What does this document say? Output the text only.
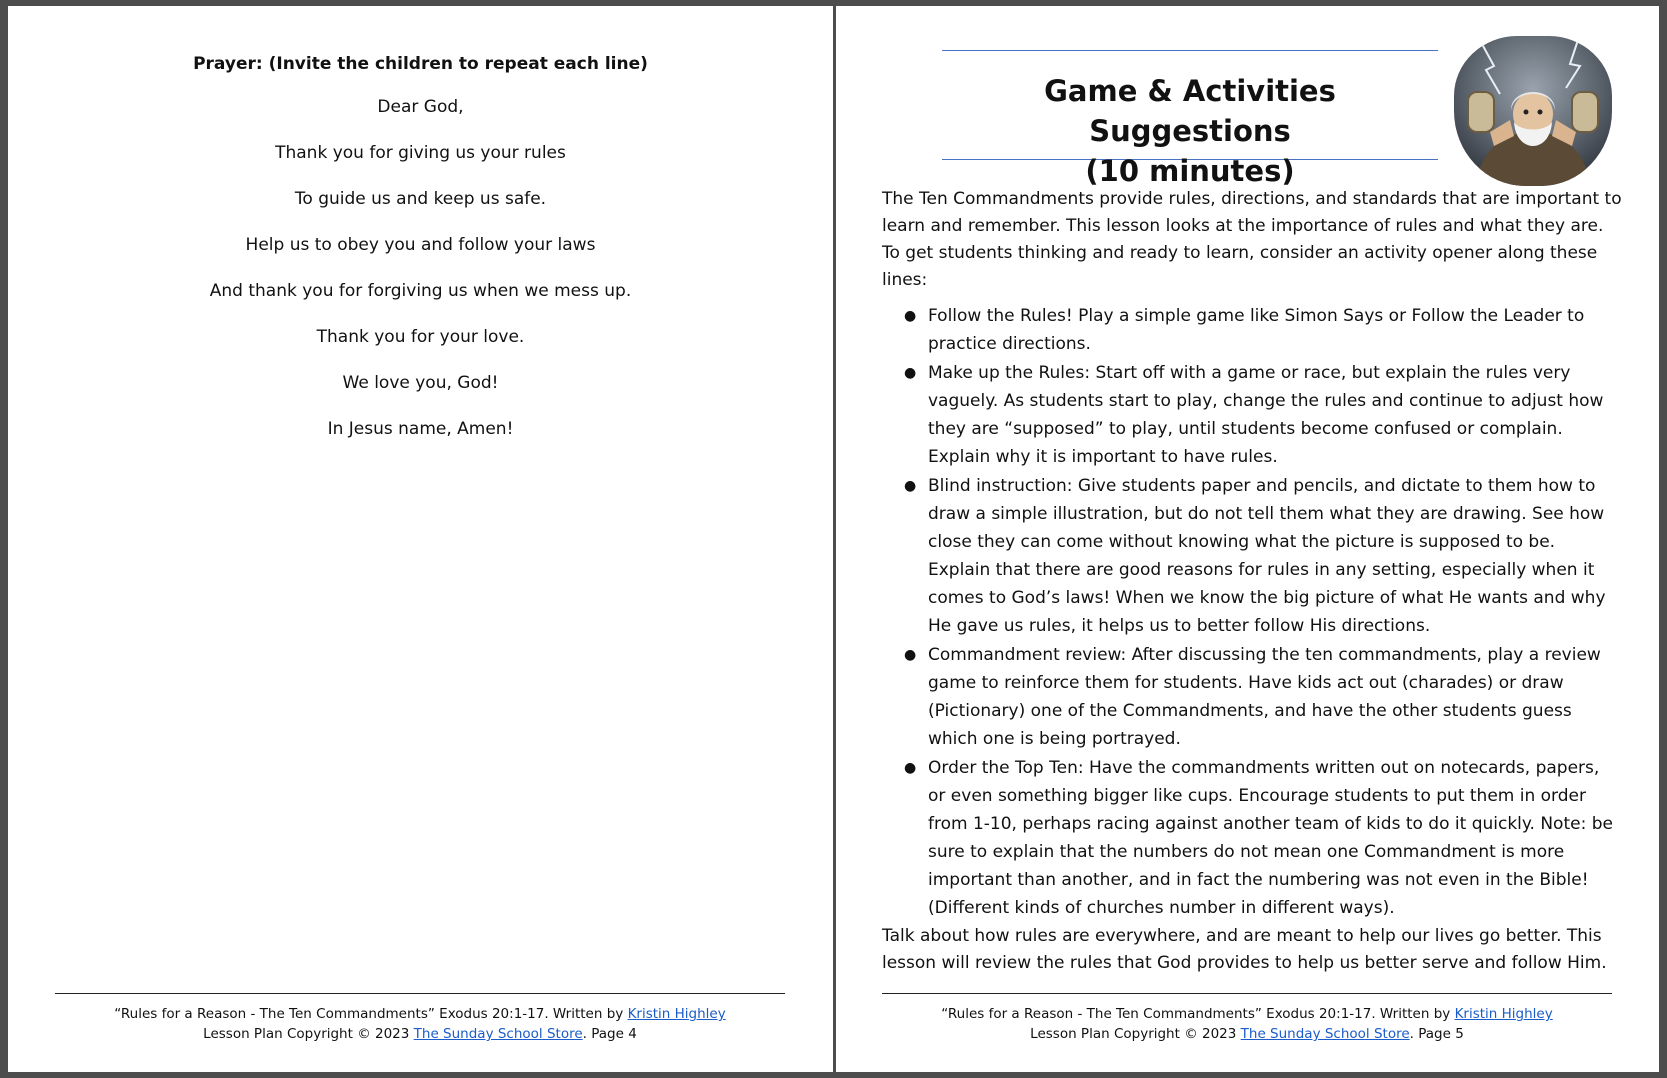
Prayer: (Invite the children to repeat each line)

Dear God,

Thank you for giving us your rules

To guide us and keep us safe.

Help us to obey you and follow your laws

And thank you for forgiving us when we mess up.

Thank you for your love.

We love you, God!

In Jesus name, Amen!

“Rules for a Reason - The Ten Commandments” Exodus 20:1-17. Written by Kristin Highley
Lesson Plan Copyright © 2023 The Sunday School Store. Page 4
Game & Activities Suggestions
(10 minutes)

The Ten Commandments provide rules, directions, and standards that are important to learn and remember. This lesson looks at the importance of rules and what they are. To get students thinking and ready to learn, consider an activity opener along these lines:

● Follow the Rules! Play a simple game like Simon Says or Follow the Leader to practice directions.
● Make up the Rules: Start off with a game or race, but explain the rules very vaguely. As students start to play, change the rules and continue to adjust how they are “supposed” to play, until students become confused or complain. Explain why it is important to have rules.
● Blind instruction: Give students paper and pencils, and dictate to them how to draw a simple illustration, but do not tell them what they are drawing. See how close they can come without knowing what the picture is supposed to be. Explain that there are good reasons for rules in any setting, especially when it comes to God’s laws! When we know the big picture of what He wants and why He gave us rules, it helps us to better follow His directions.
● Commandment review: After discussing the ten commandments, play a review game to reinforce them for students. Have kids act out (charades) or draw (Pictionary) one of the Commandments, and have the other students guess which one is being portrayed.
● Order the Top Ten: Have the commandments written out on notecards, papers, or even something bigger like cups. Encourage students to put them in order from 1-10, perhaps racing against another team of kids to do it quickly. Note: be sure to explain that the numbers do not mean one Commandment is more important than another, and in fact the numbering was not even in the Bible! (Different kinds of churches number in different ways).

Talk about how rules are everywhere, and are meant to help our lives go better. This lesson will review the rules that God provides to help us better serve and follow Him.

“Rules for a Reason - The Ten Commandments” Exodus 20:1-17. Written by Kristin Highley
Lesson Plan Copyright © 2023 The Sunday School Store. Page 5
